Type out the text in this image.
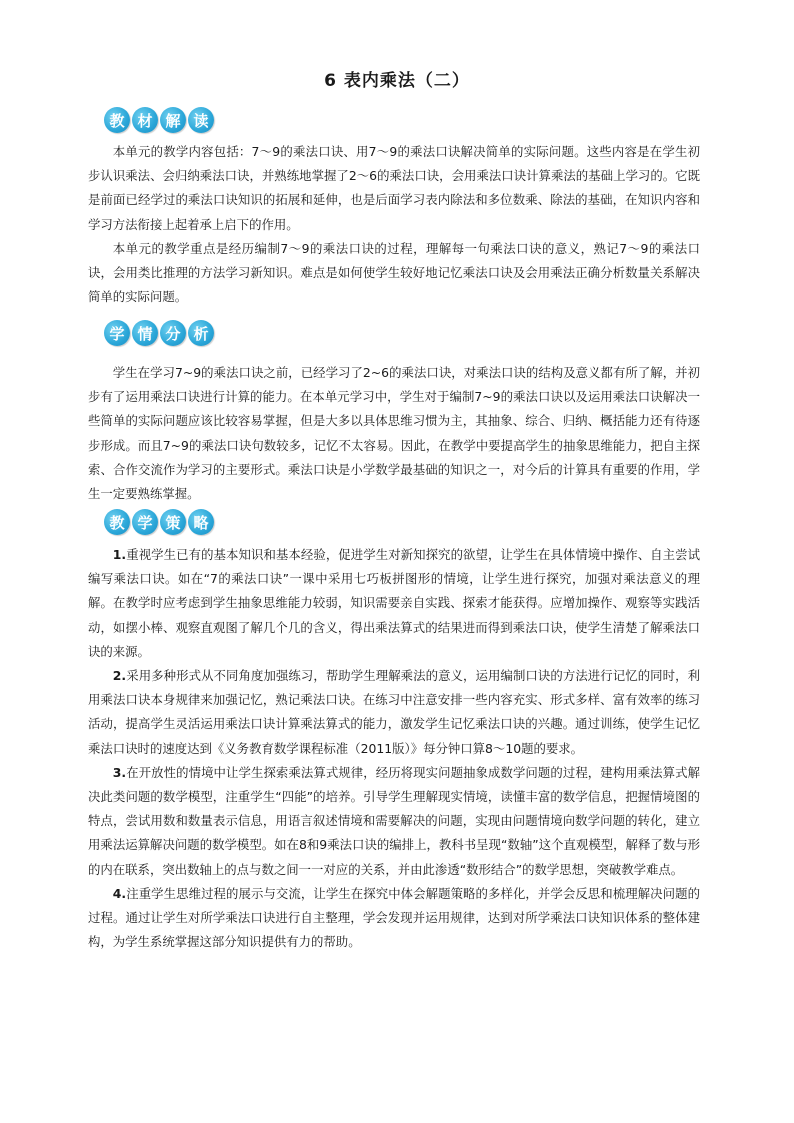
6 表内乘法（二）
教 材 解 读

本单元的教学内容包括：7～9的乘法口诀、用7～9的乘法口诀解决简单的实际问题。这些内容是在学生初步认识乘法、会归纳乘法口诀，并熟练地掌握了2～6的乘法口诀，会用乘法口诀计算乘法的基础上学习的。它既是前面已经学过的乘法口诀知识的拓展和延伸，也是后面学习表内除法和多位数乘、除法的基础，在知识内容和学习方法衔接上起着承上启下的作用。

本单元的教学重点是经历编制7～9的乘法口诀的过程，理解每一句乘法口诀的意义，熟记7～9的乘法口诀，会用类比推理的方法学习新知识。难点是如何使学生较好地记忆乘法口诀及会用乘法正确分析数量关系解决简单的实际问题。

学 情 分 析

学生在学习7~9的乘法口诀之前，已经学习了2~6的乘法口诀，对乘法口诀的结构及意义都有所了解，并初步有了运用乘法口诀进行计算的能力。在本单元学习中，学生对于编制7~9的乘法口诀以及运用乘法口诀解决一些简单的实际问题应该比较容易掌握，但是大多以具体思维习惯为主，其抽象、综合、归纳、概括能力还有待逐步形成。而且7~9的乘法口诀句数较多，记忆不太容易。因此，在教学中要提高学生的抽象思维能力，把自主探索、合作交流作为学习的主要形式。乘法口诀是小学数学最基础的知识之一，对今后的计算具有重要的作用，学生一定要熟练掌握。

教 学 策 略

1.重视学生已有的基本知识和基本经验，促进学生对新知探究的欲望，让学生在具体情境中操作、自主尝试编写乘法口诀。如在“7的乘法口诀”一课中采用七巧板拼图形的情境，让学生进行探究，加强对乘法意义的理解。在教学时应考虑到学生抽象思维能力较弱，知识需要亲自实践、探索才能获得。应增加操作、观察等实践活动，如摆小棒、观察直观图了解几个几的含义，得出乘法算式的结果进而得到乘法口诀，使学生清楚了解乘法口诀的来源。

2.采用多种形式从不同角度加强练习，帮助学生理解乘法的意义，运用编制口诀的方法进行记忆的同时，利用乘法口诀本身规律来加强记忆，熟记乘法口诀。在练习中注意安排一些内容充实、形式多样、富有效率的练习活动，提高学生灵活运用乘法口诀计算乘法算式的能力，激发学生记忆乘法口诀的兴趣。通过训练，使学生记忆乘法口诀时的速度达到《义务教育数学课程标准（2011版）》每分钟口算8～10题的要求。

3.在开放性的情境中让学生探索乘法算式规律，经历将现实问题抽象成数学问题的过程，建构用乘法算式解决此类问题的数学模型，注重学生“四能”的培养。引导学生理解现实情境，读懂丰富的数学信息，把握情境图的特点，尝试用数和数量表示信息，用语言叙述情境和需要解决的问题，实现由问题情境向数学问题的转化，建立用乘法运算解决问题的数学模型。如在8和9乘法口诀的编排上，教科书呈现“数轴”这个直观模型，解释了数与形的内在联系，突出数轴上的点与数之间一一对应的关系，并由此渗透“数形结合”的数学思想，突破教学难点。

4.注重学生思维过程的展示与交流，让学生在探究中体会解题策略的多样化，并学会反思和梳理解决问题的过程。通过让学生对所学乘法口诀进行自主整理，学会发现并运用规律，达到对所学乘法口诀知识体系的整体建构，为学生系统掌握这部分知识提供有力的帮助。
